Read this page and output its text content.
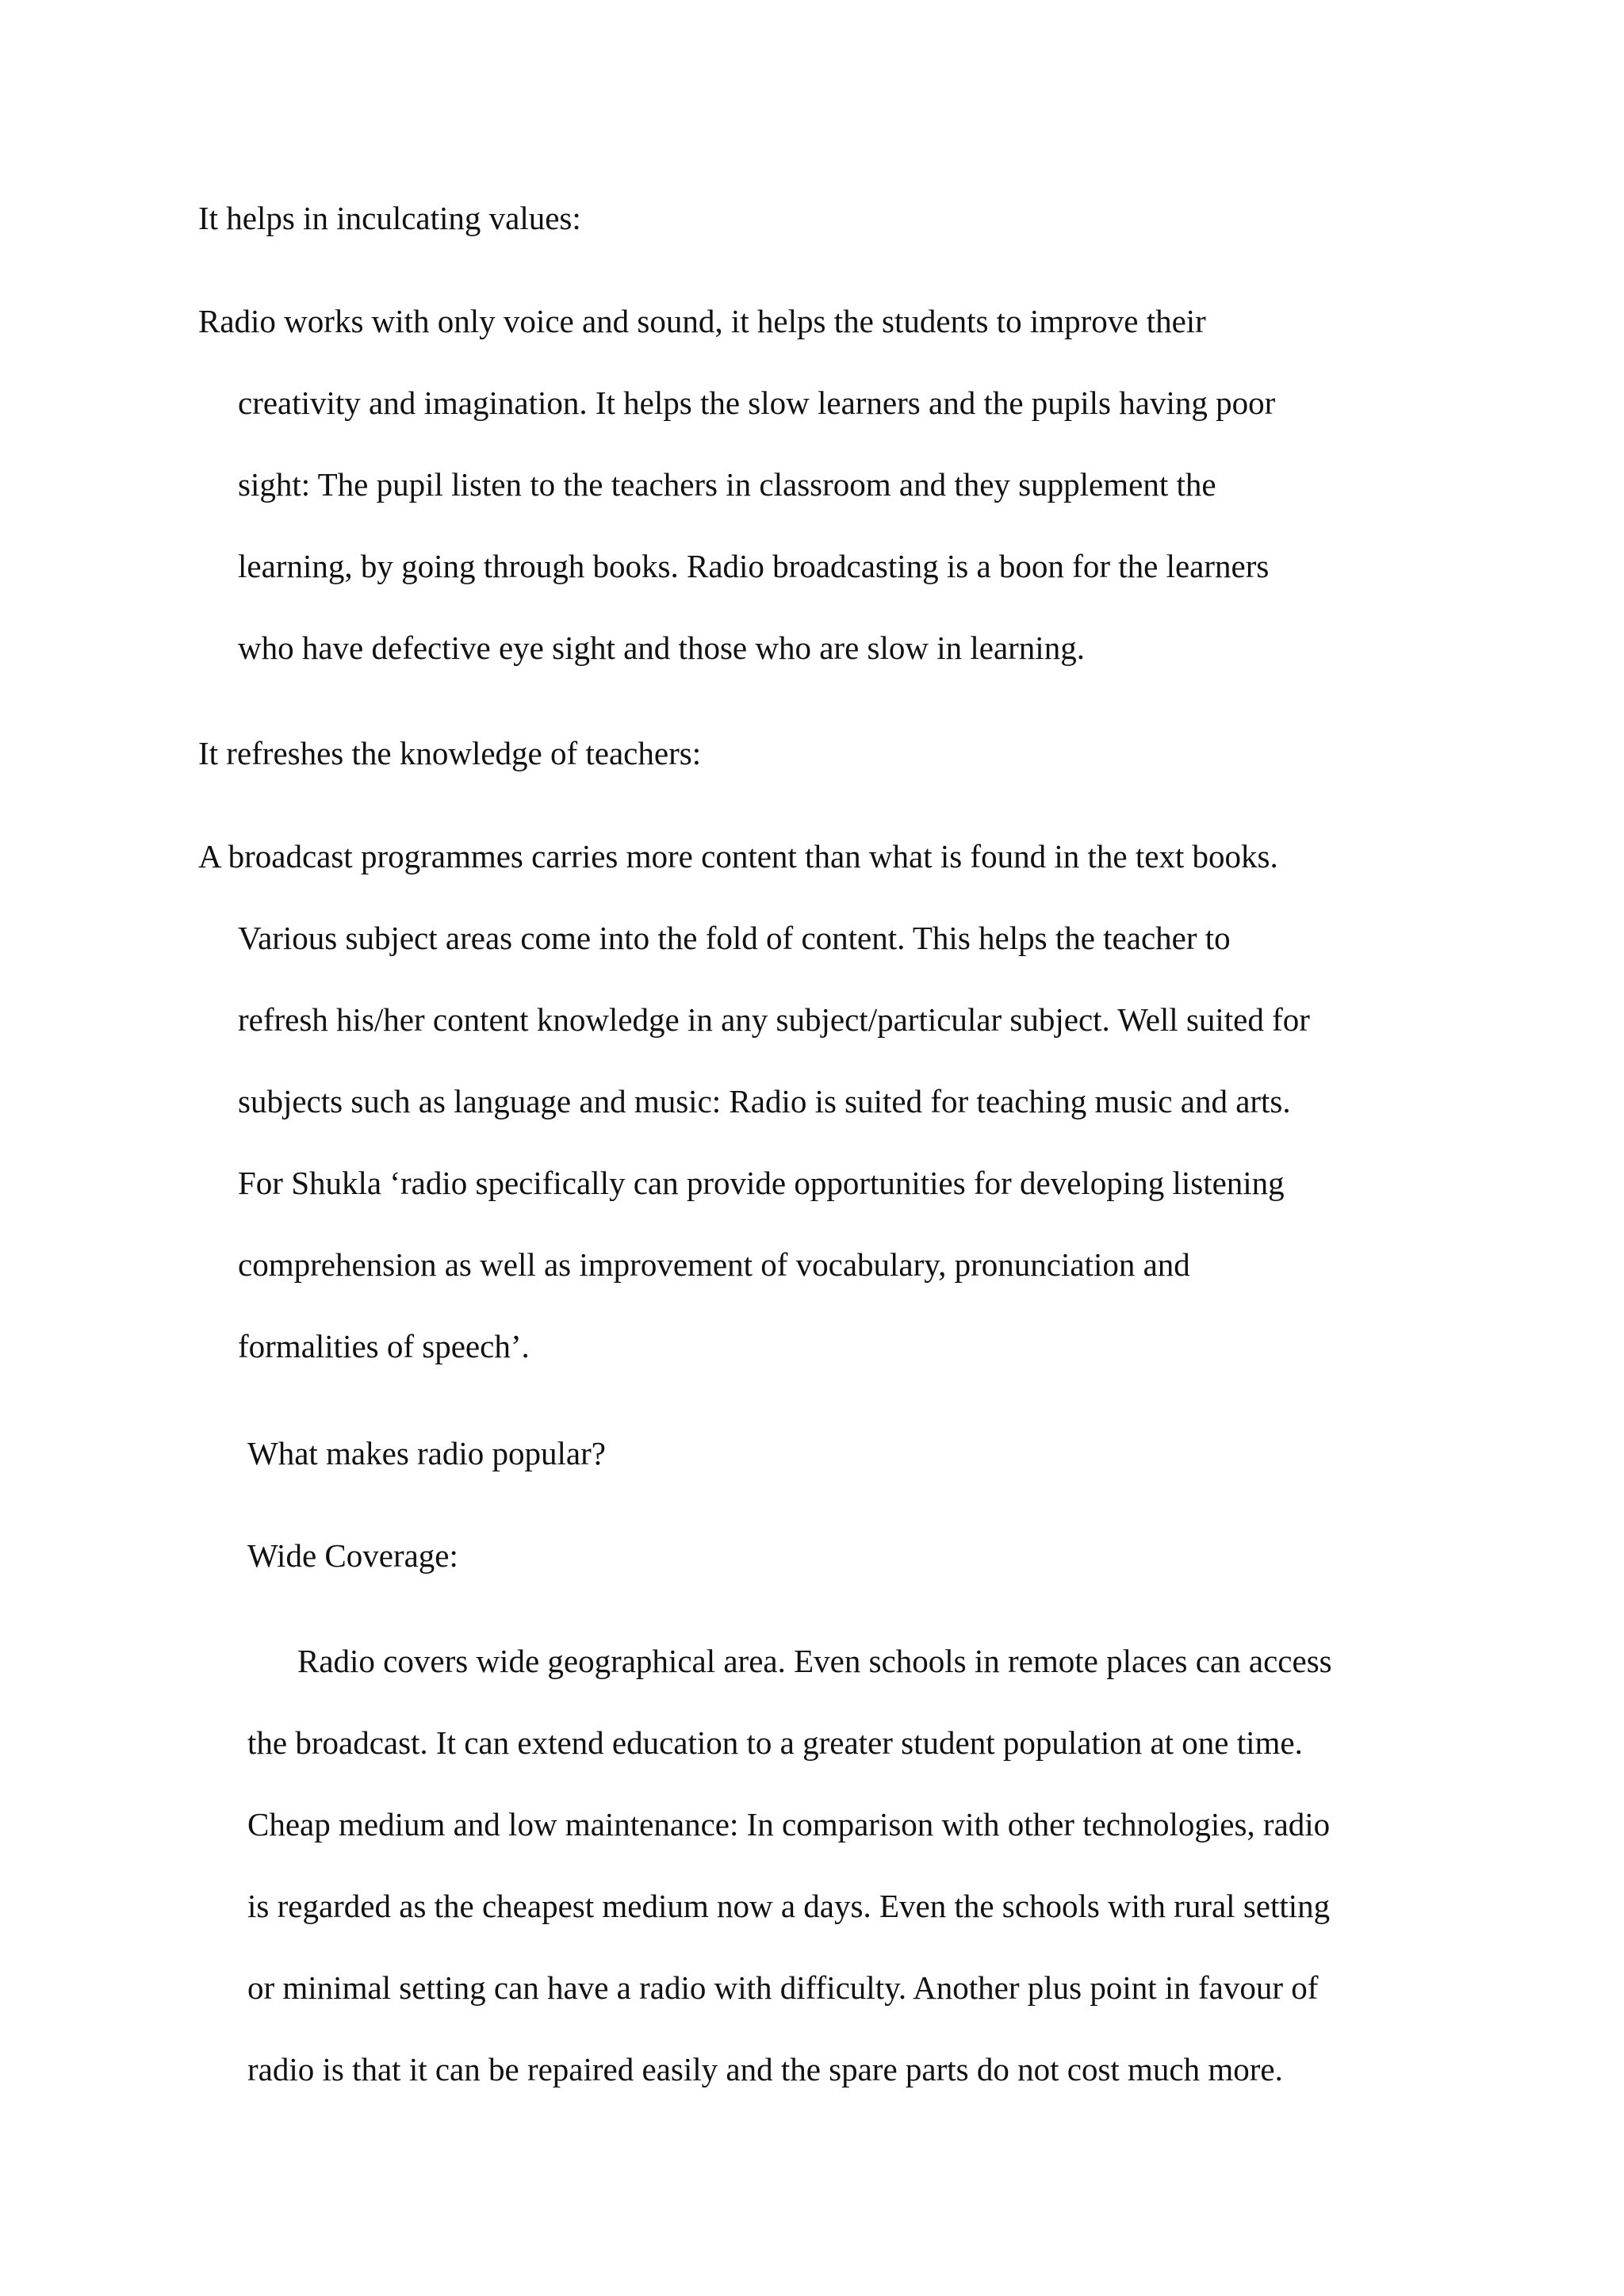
It helps in inculcating values:

Radio works with only voice and sound, it helps the students to improve their

creativity and imagination. It helps the slow learners and the pupils having poor

sight: The pupil listen to the teachers in classroom and they supplement the

learning, by going through books. Radio broadcasting is a boon for the learners

who have defective eye sight and those who are slow in learning.

It refreshes the knowledge of teachers:

A broadcast programmes carries more content than what is found in the text books.

Various subject areas come into the fold of content. This helps the teacher to

refresh his/her content knowledge in any subject/particular subject. Well suited for

subjects such as language and music: Radio is suited for teaching music and arts.

For Shukla ‘radio specifically can provide opportunities for developing listening

comprehension as well as improvement of vocabulary, pronunciation and

formalities of speech’.

What makes radio popular?

Wide Coverage:

Radio covers wide geographical area. Even schools in remote places can access

the broadcast. It can extend education to a greater student population at one time.

Cheap medium and low maintenance: In comparison with other technologies, radio

is regarded as the cheapest medium now a days. Even the schools with rural setting

or minimal setting can have a radio with difficulty. Another plus point in favour of

radio is that it can be repaired easily and the spare parts do not cost much more.
